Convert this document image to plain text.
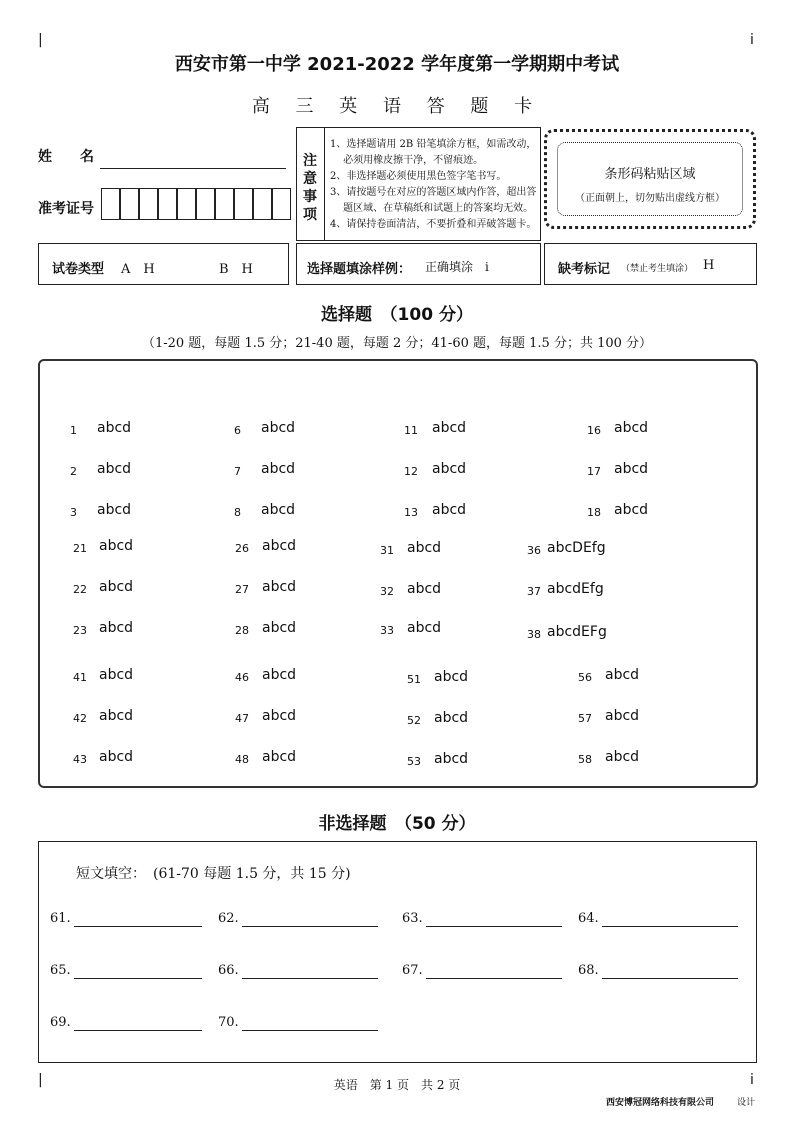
|	i
|	i
西安市第一中学 2021-2022 学年度第一学期期中考试
高 三 英 语 答 题 卡
姓　　名
准考证号
注
意
事
项
1、选择题请用 2B 铅笔填涂方框，如需改动，
　 必须用橡皮擦干净，不留痕迹。
2、非选择题必须使用黑色签字笔书写。
3、请按题号在对应的答题区域内作答，超出答
　 题区域、在草稿纸和试题上的答案均无效。
4、请保持卷面清洁，不要折叠和弄破答题卡。
条形码粘贴区域
（正面朝上，切勿贴出虚线方框）
试卷类型 A　H	B　H	选择题填涂样例： 正确填涂　i	缺考标记 （禁止考生填涂） H
选择题　（100 分）
（1-20 题，每题 1.5 分；21-40 题，每题 2 分；41-60 题，每题 1.5 分；共 100 分）
1 abcd	6 abcd	11 abcd	16 abcd
2 abcd	7 abcd	12 abcd	17 abcd
3 abcd	8 abcd	13 abcd	18 abcd
21 abcd	26 abcd	31 abcd	36 abcDEfg
22 abcd	27 abcd	32 abcd	37 abcdEfg
23 abcd	28 abcd	33 abcd	38 abcdEFg
41 abcd	46 abcd	51 abcd	56 abcd
42 abcd	47 abcd	52 abcd	57 abcd
43 abcd	48 abcd	53 abcd	58 abcd
非选择题　（50 分）
短文填空：　(61-70 每题 1.5 分，共 15 分)
61.	62.	63.	64.
65.	66.	67.	68.
69.	70.
英语　第 1 页　共 2 页
西安博冠网络科技有限公司	设计
